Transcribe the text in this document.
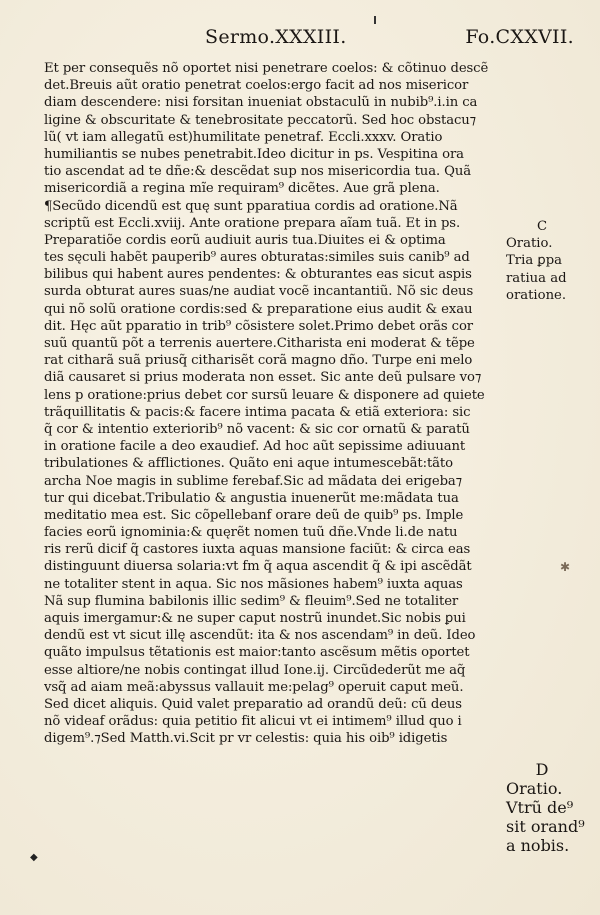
Sermo.XXXIII.	Fo.CXXVII.
Et per consequẽs nõ oportet nisi penetrare coelos: & cõtinuo descẽ
det.Breuis aũt oratio penetrat coelos:ergo facit ad nos misericor
diam descendere: nisi forsitan inueniat obstaculũ in nubib⁹.i.in ca
ligine & obscuritate & tenebrositate peccatorũ. Sed hoc obstacu⁊
lũ( vt iam allegatũ est)humilitate penetraf. Eccli.xxxv. Oratio
humiliantis se nubes penetrabit.Ideo dicitur in ps. Vespitina ora
tio ascendat ad te dñe:& descẽdat sup nos misericordia tua. Quã
misericordiã a regina mĩe requiram⁹ dicẽtes. Aue grã plena.
¶Secũdo dicendũ est quę sunt pparatiua cordis ad oratione.Nã
scriptũ est Eccli.xviij. Ante oratione prepara aĩam tuã. Et in ps.
Preparatiõe cordis eorũ audiuit auris tua.Diuites ei & optima
tes sęculi habẽt pauperib⁹ aures obturatas:similes suis canib⁹ ad
bilibus qui habent aures pendentes: & obturantes eas sicut aspis
surda obturat aures suas/ne audiat vocẽ incantantiũ. Nõ sic deus
qui nõ solũ oratione cordis:sed & preparatione eius audit & exau
dit. Hęc aũt pparatio in trib⁹ cõsistere solet.Primo debet orãs cor
suũ quantũ põt a terrenis auertere.Citharista eni moderat & tẽpe
rat citharã suã priusq̃ citharisẽt corã magno dño. Turpe eni melo
diã causaret si prius moderata non esset. Sic ante deũ pulsare vo⁊
lens p oratione:prius debet cor sursũ leuare & disponere ad quiete
trãquillitatis & pacis:& facere intima pacata & etiã exteriora: sic
q̃ cor & intentio exteriorib⁹ nõ vacent: & sic cor ornatũ & paratũ
in oratione facile a deo exaudief. Ad hoc aũt sepissime adiuuant
tribulationes & afflictiones. Quãto eni aque intumescebãt:tãto
archa Noe magis in sublime ferebaf.Sic ad mãdata dei eri̇geba⁊
tur qui dicebat.Tribulatio & angustia inuenerũt me:mãdata tua
meditatio mea est. Sic cõpellebanf orare deũ de quib⁹ ps. Imple
facies eorũ ignominia:& quęrẽt nomen tuũ dñe.Vnde li.de natu
ris rerũ dicif q̃ castores iuxta aquas mansione faciũt: & circa eas
distinguunt diuersa solaria:vt fm q̃ aqua ascendit q̃ & ipi ascẽdãt
ne totaliter stent in aqua. Sic nos mãsiones habem⁹ iuxta aquas
Nã sup flumina babilonis illic sedim⁹ & fleuim⁹.Sed ne totaliter
aquis imergamur:& ne super caput nostrũ inundet.Sic nobis ꝑui
dendũ est vt sicut illę ascendũt: ita & nos ascendam⁹ in deũ. Ideo
quãto impulsus tẽtationis est maior:tanto ascẽsum mẽtis oportet
esse altiore/ne nobis contingat illud Ione.ij. Circũdederũt me aq̃
vsq̃ ad aiam meã:abyssus vallauit me:pelag⁹ operuit caput meũ.
Sed dicet aliquis. Quid valet preparatio ad orandũ deũ: cũ deus
nõ videaf orãdus: quia petitio fit alicui vt ei intimem⁹ illud quo i
digem⁹.⁊Sed Matth.vi.Scit pr vr celestis: quia his oib⁹ idigetis
C
Oratio.
Tria ꝑpa
ratiua ad
oratione.
D
Oratio.
Vtrũ de⁹
sit orand⁹
a nobis.
✱
◆
